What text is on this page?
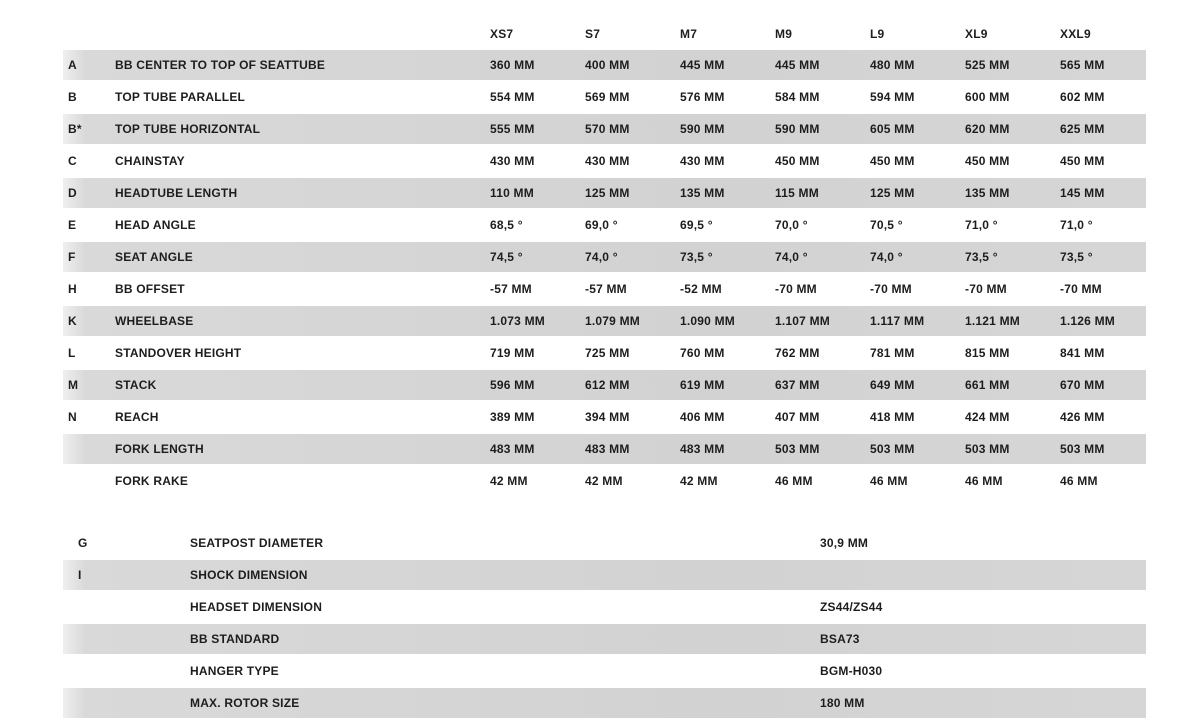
XS7	S7	M7	M9	L9	XL9	XXL9
A	BB CENTER TO TOP OF SEATTUBE	360 MM	400 MM	445 MM	445 MM	480 MM	525 MM	565 MM
B	TOP TUBE PARALLEL	554 MM	569 MM	576 MM	584 MM	594 MM	600 MM	602 MM
B*	TOP TUBE HORIZONTAL	555 MM	570 MM	590 MM	590 MM	605 MM	620 MM	625 MM
C	CHAINSTAY	430 MM	430 MM	430 MM	450 MM	450 MM	450 MM	450 MM
D	HEADTUBE LENGTH	110 MM	125 MM	135 MM	115 MM	125 MM	135 MM	145 MM
E	HEAD ANGLE	68,5 °	69,0 °	69,5 °	70,0 °	70,5 °	71,0 °	71,0 °
F	SEAT ANGLE	74,5 °	74,0 °	73,5 °	74,0 °	74,0 °	73,5 °	73,5 °
H	BB OFFSET	-57 MM	-57 MM	-52 MM	-70 MM	-70 MM	-70 MM	-70 MM
K	WHEELBASE	1.073 MM	1.079 MM	1.090 MM	1.107 MM	1.117 MM	1.121 MM	1.126 MM
L	STANDOVER HEIGHT	719 MM	725 MM	760 MM	762 MM	781 MM	815 MM	841 MM
M	STACK	596 MM	612 MM	619 MM	637 MM	649 MM	661 MM	670 MM
N	REACH	389 MM	394 MM	406 MM	407 MM	418 MM	424 MM	426 MM
FORK LENGTH	483 MM	483 MM	483 MM	503 MM	503 MM	503 MM	503 MM
FORK RAKE	42 MM	42 MM	42 MM	46 MM	46 MM	46 MM	46 MM
G	SEATPOST DIAMETER	30,9 MM
I	SHOCK DIMENSION
HEADSET DIMENSION	ZS44/ZS44
BB STANDARD	BSA73
HANGER TYPE	BGM-H030
MAX. ROTOR SIZE	180 MM
